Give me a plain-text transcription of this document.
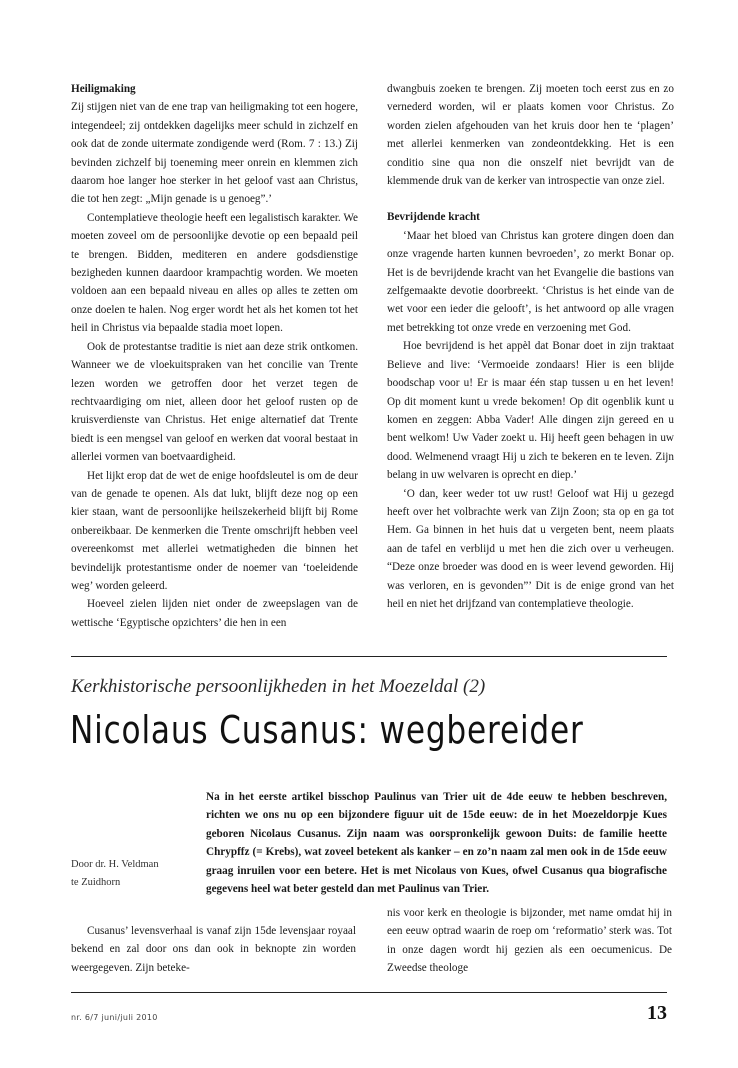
Heiligmaking

Zij stijgen niet van de ene trap van heiligmaking tot een hogere, integendeel; zij ontdekken dagelijks meer schuld in zichzelf en ook dat de zonde uitermate zondigende werd (Rom. 7 : 13.) Zij bevinden zichzelf bij toeneming meer onrein en klemmen zich daarom hoe langer hoe sterker in het geloof vast aan Christus, die tot hen zegt: „Mijn genade is u genoeg”.’

Contemplatieve theologie heeft een legalistisch karakter. We moeten zoveel om de persoonlijke devotie op een bepaald peil te brengen. Bidden, mediteren en andere godsdienstige bezigheden kunnen daardoor krampachtig worden. We moeten voldoen aan een bepaald niveau en alles op alles te zetten om onze doelen te halen. Nog erger wordt het als het komen tot het heil in Christus via bepaalde stadia moet lopen.

Ook de protestantse traditie is niet aan deze strik ontkomen. Wanneer we de vloekuitspraken van het concilie van Trente lezen worden we getroffen door het verzet tegen de rechtvaardiging om niet, alleen door het geloof rusten op de kruisverdienste van Christus. Het enige alternatief dat Trente biedt is een mengsel van geloof en werken dat vooral bestaat in allerlei vormen van boetvaardigheid.

Het lijkt erop dat de wet de enige hoofdsleutel is om de deur van de genade te openen. Als dat lukt, blijft deze nog op een kier staan, want de persoonlijke heilszekerheid blijft bij Rome onbereikbaar. De kenmerken die Trente omschrijft hebben veel overeenkomst met allerlei wetmatigheden die binnen het bevindelijk protestantisme onder de noemer van ‘toeleidende weg’ worden geleerd.

Hoeveel zielen lijden niet onder de zweepslagen van de wettische ‘Egyptische opzichters’ die hen in een

dwangbuis zoeken te brengen. Zij moeten toch eerst zus en zo vernederd worden, wil er plaats komen voor Christus. Zo worden zielen afgehouden van het kruis door hen te ‘plagen’ met allerlei kenmerken van zondeontdekking. Het is een conditio sine qua non die onszelf niet bevrijdt van de klemmende druk van de kerker van introspectie van onze ziel.

Bevrijdende kracht

‘Maar het bloed van Christus kan grotere dingen doen dan onze vragende harten kunnen bevroeden’, zo merkt Bonar op. Het is de bevrijdende kracht van het Evangelie die bastions van zelfgemaakte devotie doorbreekt. ‘Christus is het einde van de wet voor een ieder die gelooft’, is het antwoord op alle vragen met betrekking tot onze vrede en verzoening met God.

Hoe bevrijdend is het appèl dat Bonar doet in zijn traktaat Believe and live: ‘Vermoeide zondaars! Hier is een blijde boodschap voor u! Er is maar één stap tussen u en het leven! Op dit moment kunt u vrede bekomen! Op dit ogenblik kunt u komen en zeggen: Abba Vader! Alle dingen zijn gereed en u bent welkom! Uw Vader zoekt u. Hij heeft geen behagen in uw dood. Welmenend vraagt Hij u zich te bekeren en te leven. Zijn belang in uw welvaren is oprecht en diep.’

‘O dan, keer weder tot uw rust! Geloof wat Hij u gezegd heeft over het volbrachte werk van Zijn Zoon; sta op en ga tot Hem. Ga binnen in het huis dat u vergeten bent, neem plaats aan de tafel en verblijd u met hen die zich over u verheugen. “Deze onze broeder was dood en is weer levend geworden. Hij was verloren, en is gevonden”’ Dit is de enige grond van het heil en niet het drijfzand van contemplatieve theologie.

Kerkhistorische persoonlijkheden in het Moezeldal (2)
Nicolaus Cusanus: wegbereider
Door dr. H. Veldman
te Zuidhorn
Na in het eerste artikel bisschop Paulinus van Trier uit de 4de eeuw te hebben beschreven, richten we ons nu op een bijzondere figuur uit de 15de eeuw: de in het Moezeldorpje Kues geboren Nicolaus Cusanus. Zijn naam was oorspronkelijk gewoon Duits: de familie heette Chrypffz (= Krebs), wat zoveel betekent als kanker – en zo’n naam zal men ook in de 15de eeuw graag inruilen voor een betere. Het is met Nicolaus von Kues, ofwel Cusanus qua biografische gegevens heel wat beter gesteld dan met Paulinus van Trier.

Cusanus’ levensverhaal is vanaf zijn 15de levensjaar royaal bekend en zal door ons dan ook in beknopte zin worden weergegeven. Zijn beteke-

nis voor kerk en theologie is bijzonder, met name omdat hij in een eeuw optrad waarin de roep om ‘reformatio’ sterk was. Tot in onze dagen wordt hij gezien als een oecumenicus. De Zweedse theologe

nr. 6/7 juni/juli 2010	13
